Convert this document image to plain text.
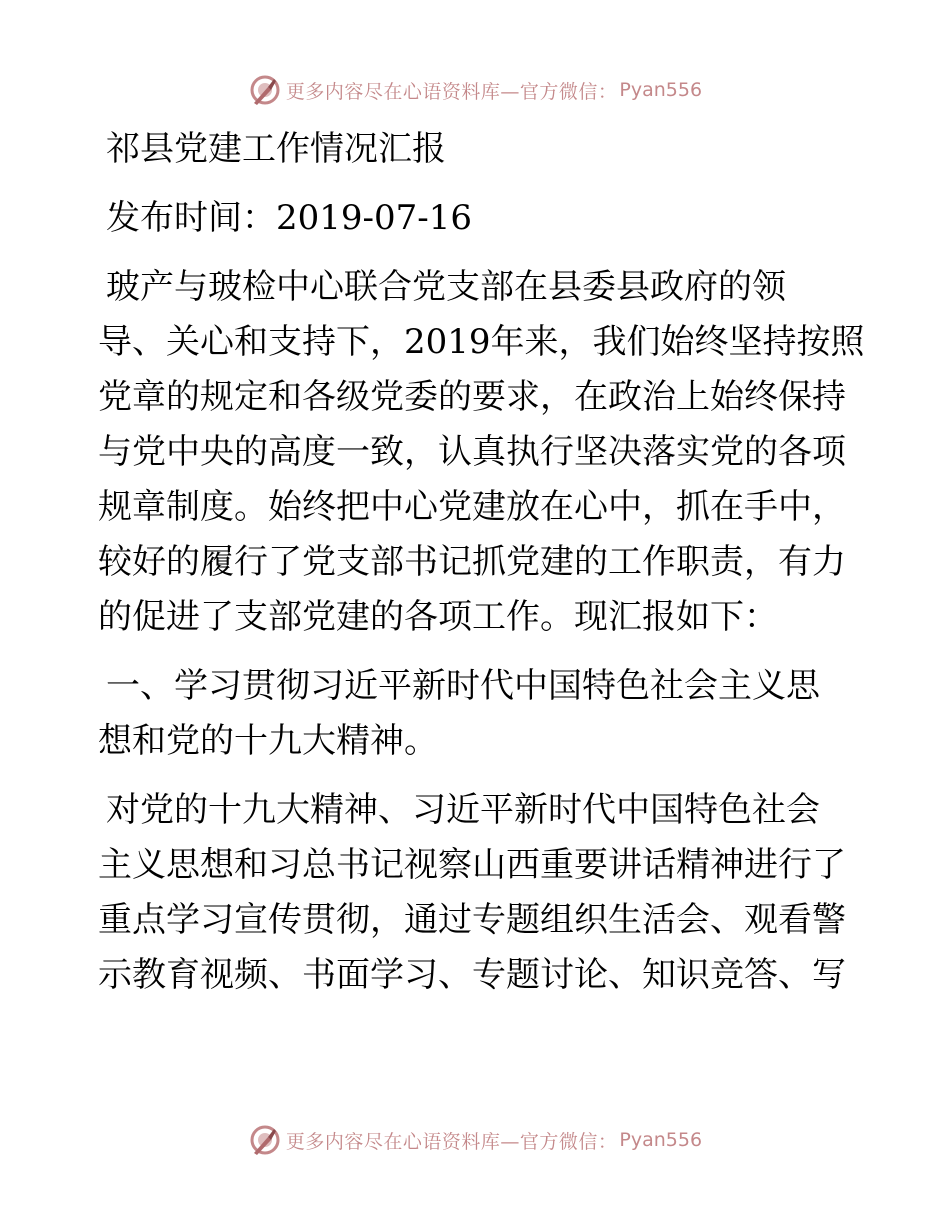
更多内容尽在心语资料库—官方微信： Pyan556
祁县党建工作情况汇报
发布时间：2019-07-16
玻产与玻检中心联合党支部在县委县政府的领
导、关心和支持下，2019年来，我们始终坚持按照
党章的规定和各级党委的要求，在政治上始终保持
与党中央的高度一致，认真执行坚决落实党的各项
规章制度。始终把中心党建放在心中，抓在手中，
较好的履行了党支部书记抓党建的工作职责，有力
的促进了支部党建的各项工作。现汇报如下：
一、学习贯彻习近平新时代中国特色社会主义思
想和党的十九大精神。
对党的十九大精神、习近平新时代中国特色社会
主义思想和习总书记视察山西重要讲话精神进行了
重点学习宣传贯彻，通过专题组织生活会、观看警
示教育视频、书面学习、专题讨论、知识竞答、写
更多内容尽在心语资料库—官方微信： Pyan556
